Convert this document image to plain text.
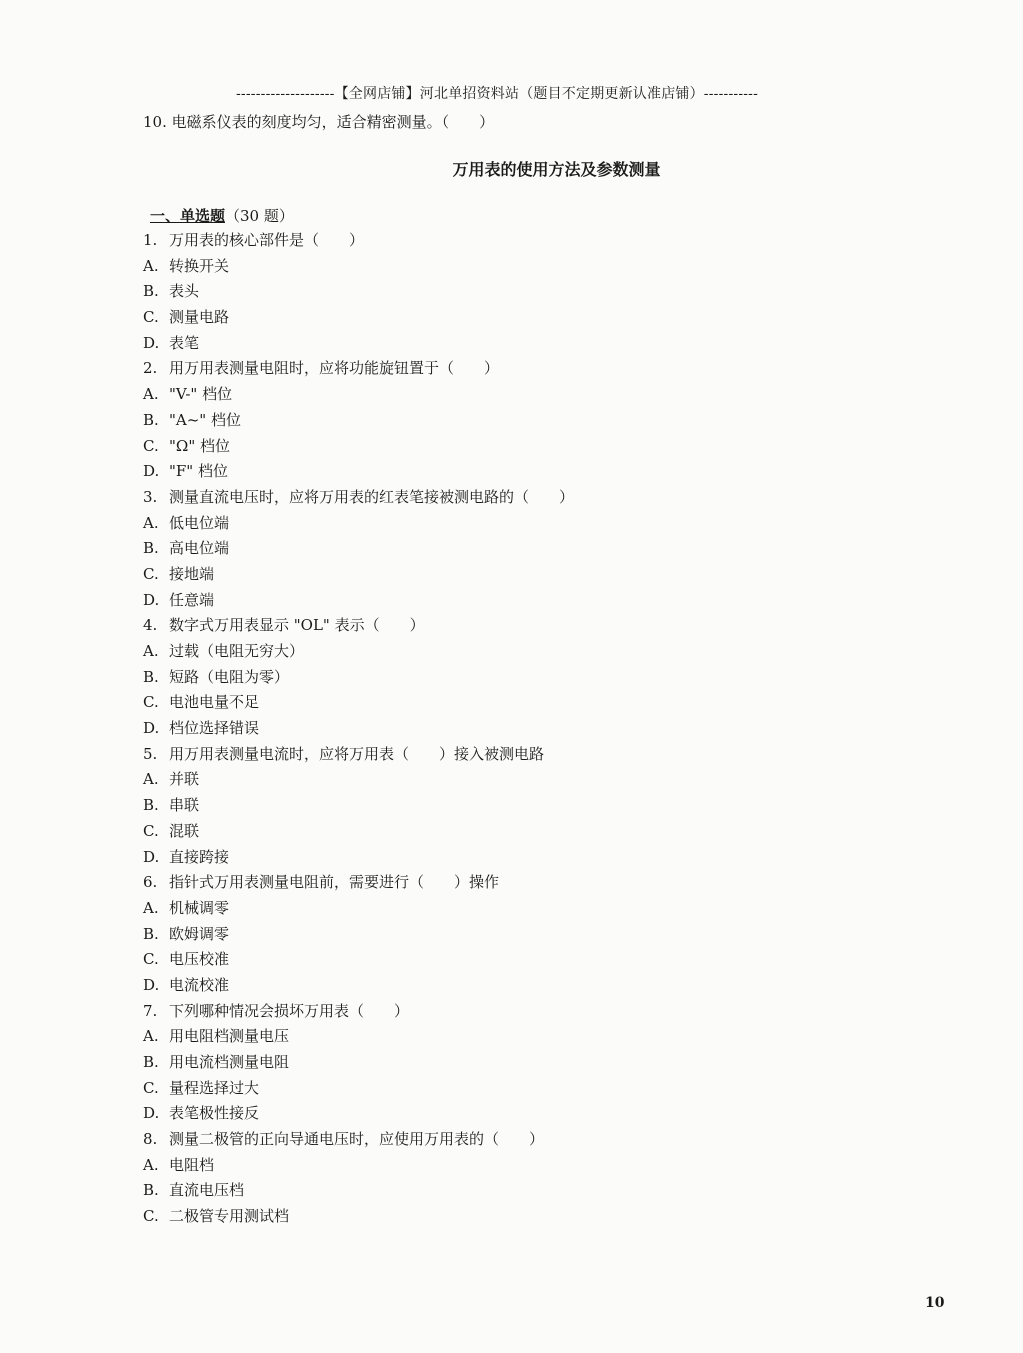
--------------------【全网店铺】河北单招资料站（题目不定期更新认准店铺）-----------
10. 电磁系仪表的刻度均匀，适合精密测量。（　　）
万用表的使用方法及参数测量
一、单选题（30 题）
1. 万用表的核心部件是（　　）
A. 转换开关
B. 表头
C. 测量电路
D. 表笔
2. 用万用表测量电阻时，应将功能旋钮置于（　　）
A. "V-" 档位
B. "A~" 档位
C. "Ω" 档位
D. "F" 档位
3. 测量直流电压时，应将万用表的红表笔接被测电路的（　　）
A. 低电位端
B. 高电位端
C. 接地端
D. 任意端
4. 数字式万用表显示 "OL" 表示（　　）
A. 过载（电阻无穷大）
B. 短路（电阻为零）
C. 电池电量不足
D. 档位选择错误
5. 用万用表测量电流时，应将万用表（　　）接入被测电路
A. 并联
B. 串联
C. 混联
D. 直接跨接
6. 指针式万用表测量电阻前，需要进行（　　）操作
A. 机械调零
B. 欧姆调零
C. 电压校准
D. 电流校准
7. 下列哪种情况会损坏万用表（　　）
A. 用电阻档测量电压
B. 用电流档测量电阻
C. 量程选择过大
D. 表笔极性接反
8. 测量二极管的正向导通电压时，应使用万用表的（　　）
A. 电阻档
B. 直流电压档
C. 二极管专用测试档
10
